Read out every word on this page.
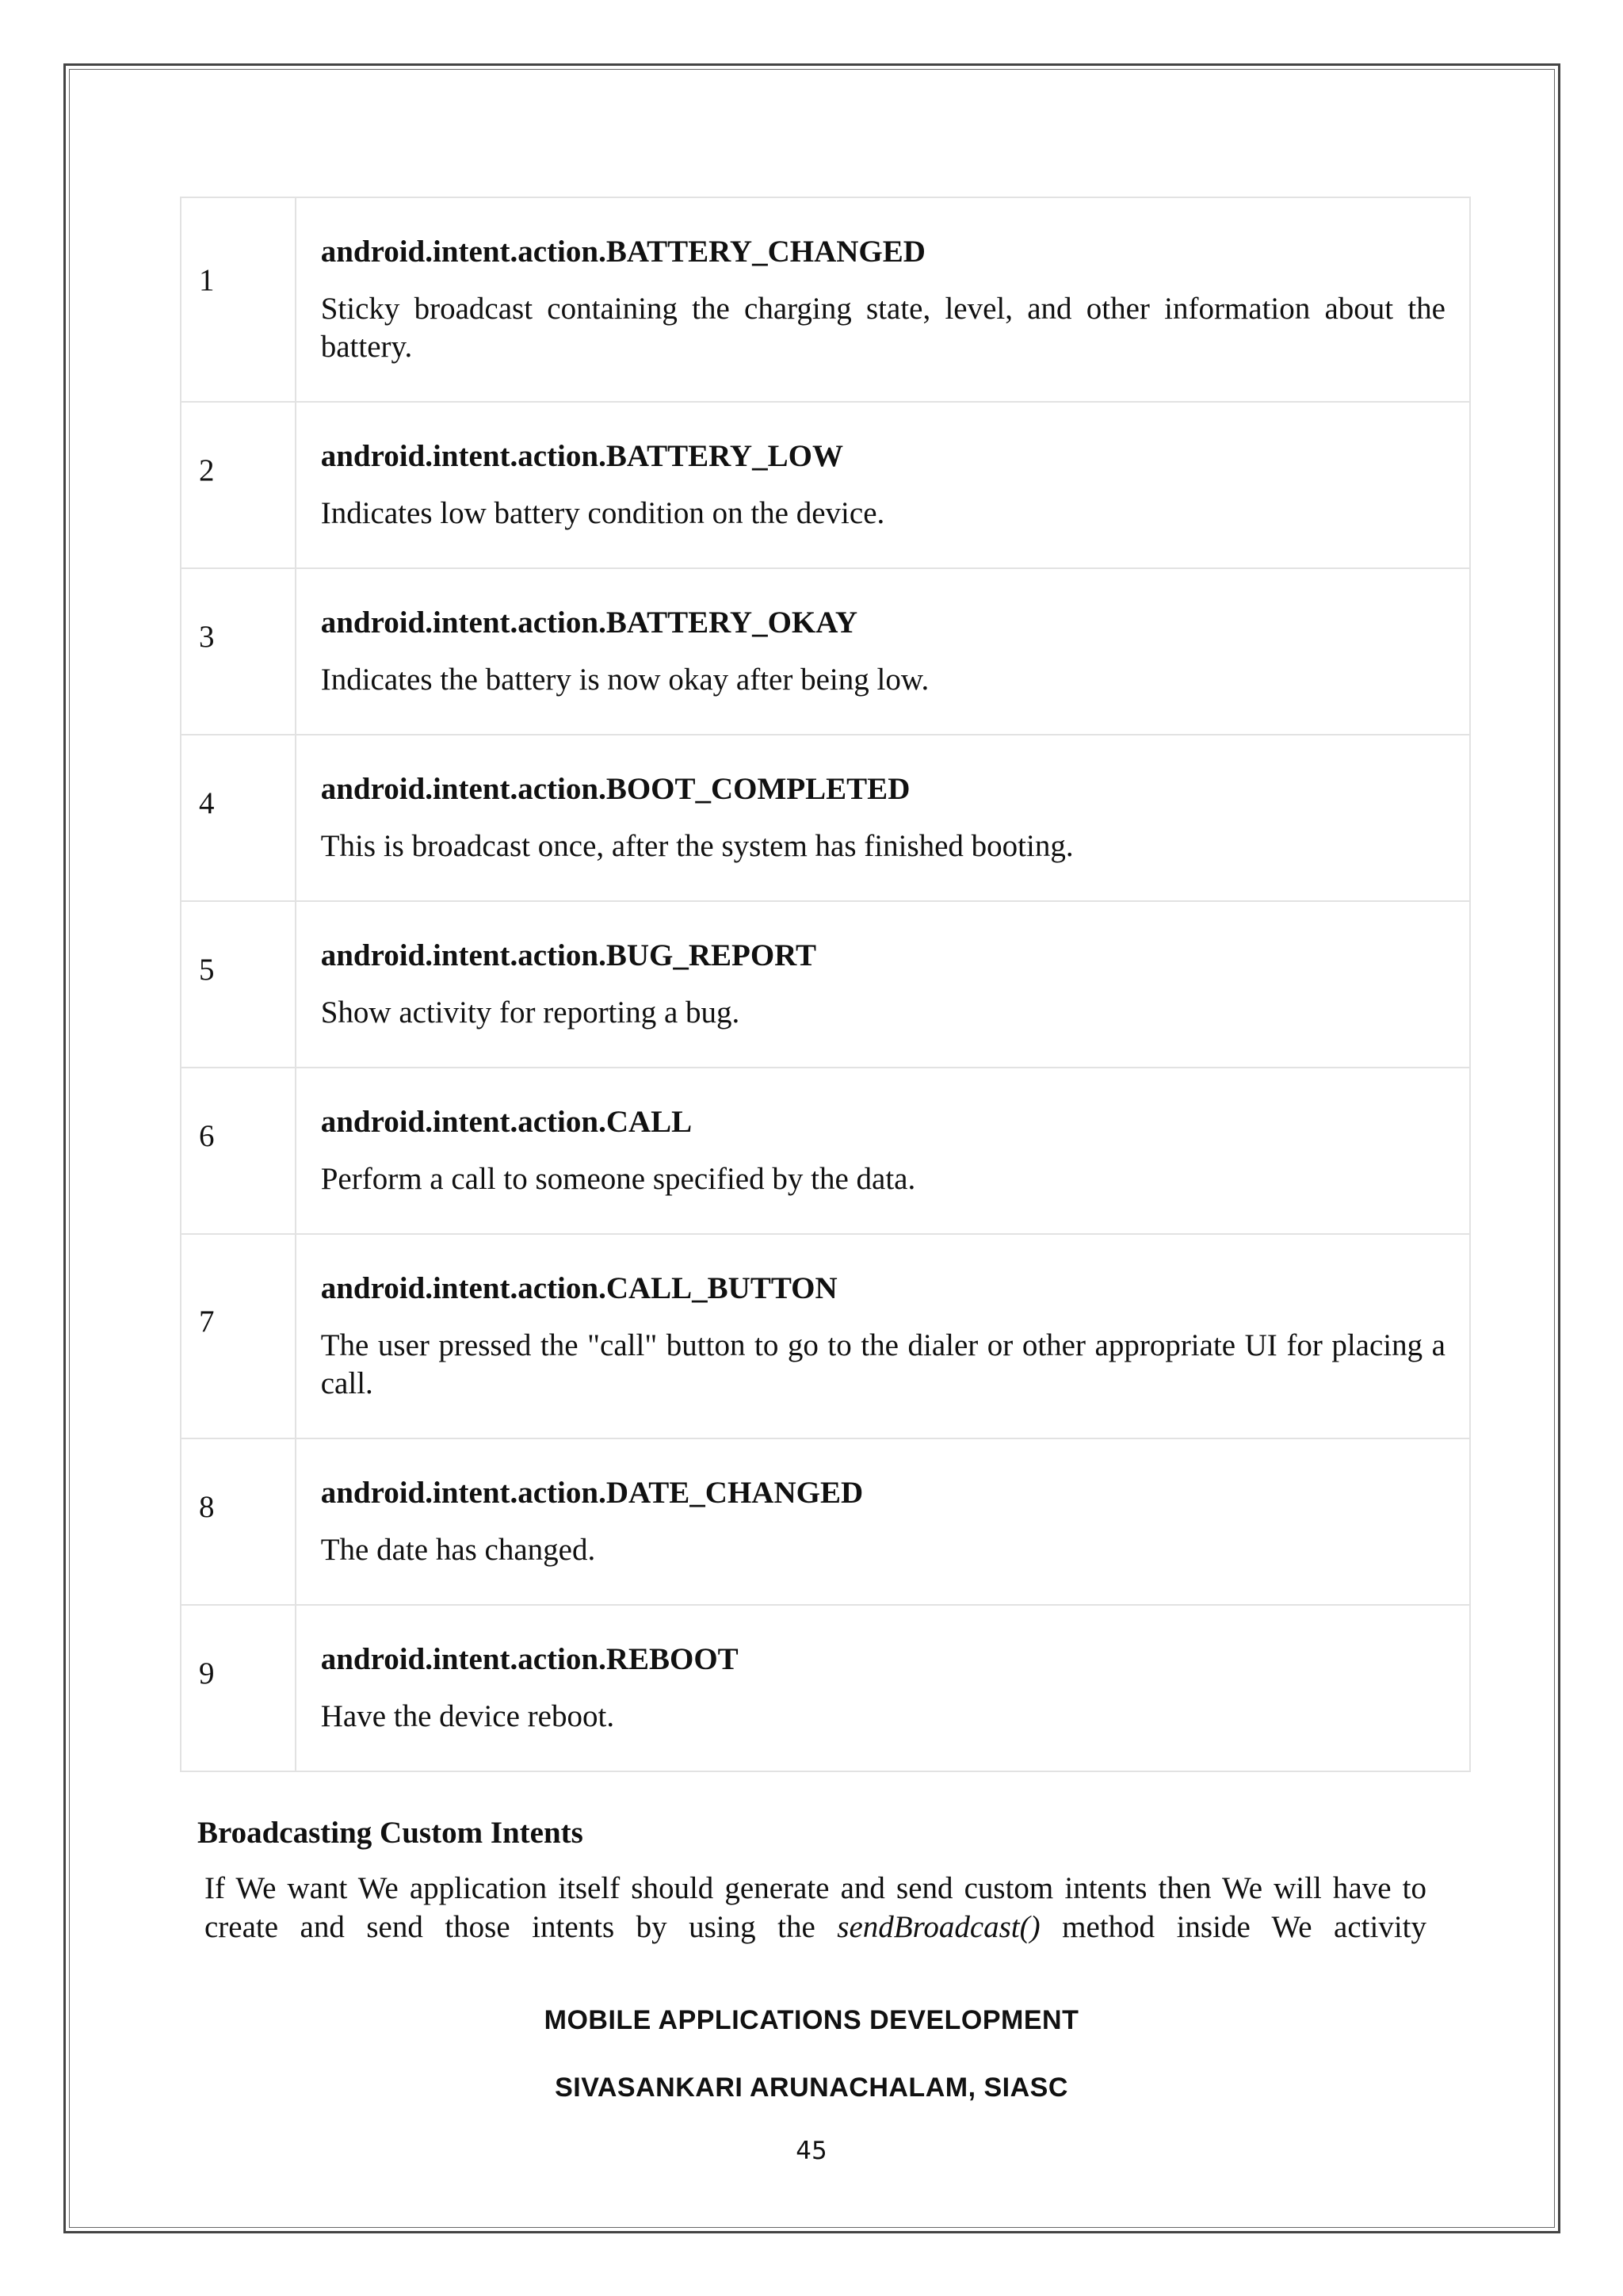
1	android.intent.action.BATTERY_CHANGED
Sticky broadcast containing the charging state, level, and other information about the battery.

2	android.intent.action.BATTERY_LOW
Indicates low battery condition on the device.

3	android.intent.action.BATTERY_OKAY
Indicates the battery is now okay after being low.

4	android.intent.action.BOOT_COMPLETED
This is broadcast once, after the system has finished booting.

5	android.intent.action.BUG_REPORT
Show activity for reporting a bug.

6	android.intent.action.CALL
Perform a call to someone specified by the data.

7	android.intent.action.CALL_BUTTON
The user pressed the "call" button to go to the dialer or other appropriate UI for placing a call.

8	android.intent.action.DATE_CHANGED
The date has changed.

9	android.intent.action.REBOOT
Have the device reboot.
Broadcasting Custom Intents
If We want We application itself should generate and send custom intents then We will have to create and send those intents by using the sendBroadcast() method inside We activity
MOBILE APPLICATIONS DEVELOPMENT
SIVASANKARI ARUNACHALAM, SIASC
45
